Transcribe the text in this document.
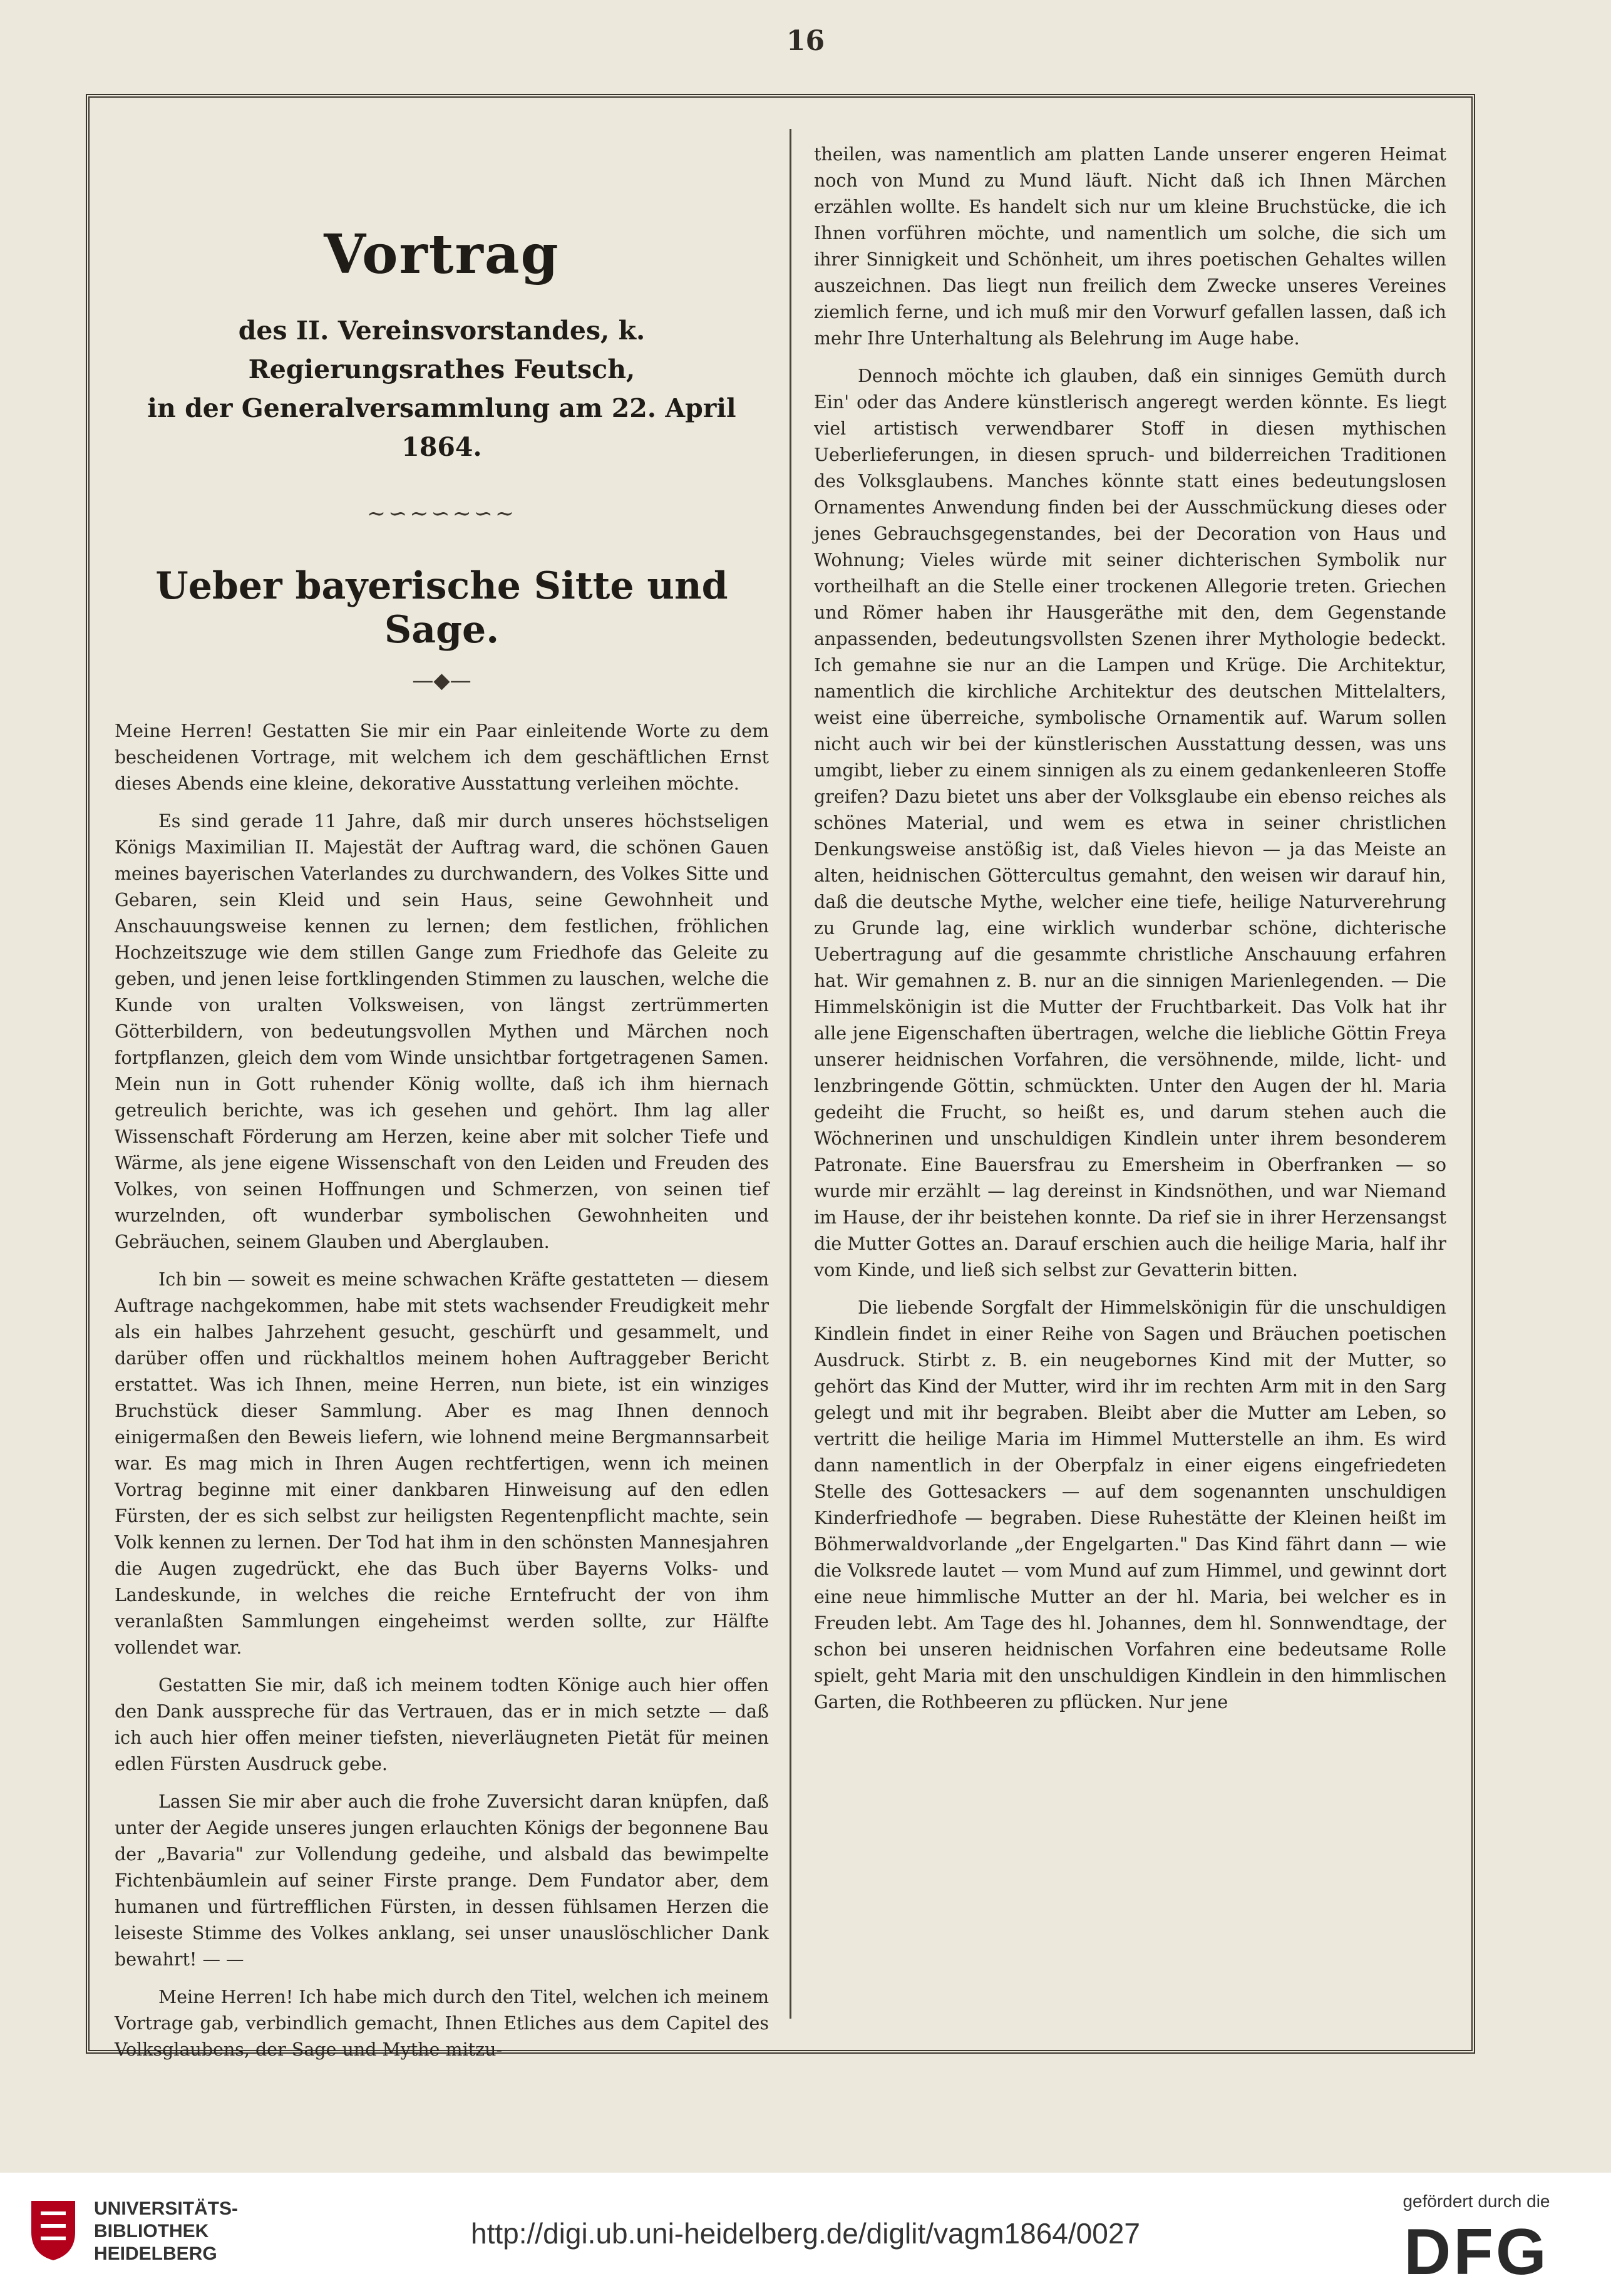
16
Vortrag
des II. Vereinsvorstandes, k. Regierungsrathes Feutsch,
in der Generalversammlung am 22. April 1864.
∼∽∼∽∼∽∼
Ueber bayerische Sitte und Sage.
—◆—

Meine Herren! Gestatten Sie mir ein Paar einleitende Worte zu dem bescheidenen Vortrage, mit welchem ich dem geschäftlichen Ernst dieses Abends eine kleine, dekorative Ausstattung verleihen möchte.

Es sind gerade 11 Jahre, daß mir durch unseres höchstseligen Königs Maximilian II. Majestät der Auftrag ward, die schönen Gauen meines bayerischen Vaterlandes zu durchwandern, des Volkes Sitte und Gebaren, sein Kleid und sein Haus, seine Gewohnheit und Anschauungsweise kennen zu lernen; dem festlichen, fröhlichen Hochzeitszuge wie dem stillen Gange zum Friedhofe das Geleite zu geben, und jenen leise fortklingenden Stimmen zu lauschen, welche die Kunde von uralten Volksweisen, von längst zertrümmerten Götterbildern, von bedeutungsvollen Mythen und Märchen noch fortpflanzen, gleich dem vom Winde unsichtbar fortgetragenen Samen. Mein nun in Gott ruhender König wollte, daß ich ihm hiernach getreulich berichte, was ich gesehen und gehört. Ihm lag aller Wissenschaft Förderung am Herzen, keine aber mit solcher Tiefe und Wärme, als jene eigene Wissenschaft von den Leiden und Freuden des Volkes, von seinen Hoffnungen und Schmerzen, von seinen tief wurzelnden, oft wunderbar symbolischen Gewohnheiten und Gebräuchen, seinem Glauben und Aberglauben.

Ich bin — soweit es meine schwachen Kräfte gestatteten — diesem Auftrage nachgekommen, habe mit stets wachsender Freudigkeit mehr als ein halbes Jahrzehent gesucht, geschürft und gesammelt, und darüber offen und rückhaltlos meinem hohen Auftraggeber Bericht erstattet. Was ich Ihnen, meine Herren, nun biete, ist ein winziges Bruchstück dieser Sammlung. Aber es mag Ihnen dennoch einigermaßen den Beweis liefern, wie lohnend meine Bergmannsarbeit war. Es mag mich in Ihren Augen rechtfertigen, wenn ich meinen Vortrag beginne mit einer dankbaren Hinweisung auf den edlen Fürsten, der es sich selbst zur heiligsten Regentenpflicht machte, sein Volk kennen zu lernen. Der Tod hat ihm in den schönsten Mannesjahren die Augen zugedrückt, ehe das Buch über Bayerns Volks- und Landeskunde, in welches die reiche Erntefrucht der von ihm veranlaßten Sammlungen eingeheimst werden sollte, zur Hälfte vollendet war.

Gestatten Sie mir, daß ich meinem todten Könige auch hier offen den Dank ausspreche für das Vertrauen, das er in mich setzte — daß ich auch hier offen meiner tiefsten, nieverläugneten Pietät für meinen edlen Fürsten Ausdruck gebe.

Lassen Sie mir aber auch die frohe Zuversicht daran knüpfen, daß unter der Aegide unseres jungen erlauchten Königs der begonnene Bau der „Bavaria" zur Vollendung gedeihe, und alsbald das bewimpelte Fichtenbäumlein auf seiner Firste prange. Dem Fundator aber, dem humanen und fürtrefflichen Fürsten, in dessen fühlsamen Herzen die leiseste Stimme des Volkes anklang, sei unser unauslöschlicher Dank bewahrt! — —

Meine Herren! Ich habe mich durch den Titel, welchen ich meinem Vortrage gab, verbindlich gemacht, Ihnen Etliches aus dem Capitel des Volksglaubens, der Sage und Mythe mitzu-

theilen, was namentlich am platten Lande unserer engeren Heimat noch von Mund zu Mund läuft. Nicht daß ich Ihnen Märchen erzählen wollte. Es handelt sich nur um kleine Bruchstücke, die ich Ihnen vorführen möchte, und namentlich um solche, die sich um ihrer Sinnigkeit und Schönheit, um ihres poetischen Gehaltes willen auszeichnen. Das liegt nun freilich dem Zwecke unseres Vereines ziemlich ferne, und ich muß mir den Vorwurf gefallen lassen, daß ich mehr Ihre Unterhaltung als Belehrung im Auge habe.

Dennoch möchte ich glauben, daß ein sinniges Gemüth durch Ein' oder das Andere künstlerisch angeregt werden könnte. Es liegt viel artistisch verwendbarer Stoff in diesen mythischen Ueberlieferungen, in diesen spruch- und bilderreichen Traditionen des Volksglaubens. Manches könnte statt eines bedeutungslosen Ornamentes Anwendung finden bei der Ausschmückung dieses oder jenes Gebrauchsgegenstandes, bei der Decoration von Haus und Wohnung; Vieles würde mit seiner dichterischen Symbolik nur vortheilhaft an die Stelle einer trockenen Allegorie treten. Griechen und Römer haben ihr Hausgeräthe mit den, dem Gegenstande anpassenden, bedeutungsvollsten Szenen ihrer Mythologie bedeckt. Ich gemahne sie nur an die Lampen und Krüge. Die Architektur, namentlich die kirchliche Architektur des deutschen Mittelalters, weist eine überreiche, symbolische Ornamentik auf. Warum sollen nicht auch wir bei der künstlerischen Ausstattung dessen, was uns umgibt, lieber zu einem sinnigen als zu einem gedankenleeren Stoffe greifen? Dazu bietet uns aber der Volksglaube ein ebenso reiches als schönes Material, und wem es etwa in seiner christlichen Denkungsweise anstößig ist, daß Vieles hievon — ja das Meiste an alten, heidnischen Göttercultus gemahnt, den weisen wir darauf hin, daß die deutsche Mythe, welcher eine tiefe, heilige Naturverehrung zu Grunde lag, eine wirklich wunderbar schöne, dichterische Uebertragung auf die gesammte christliche Anschauung erfahren hat. Wir gemahnen z. B. nur an die sinnigen Marienlegenden. — Die Himmelskönigin ist die Mutter der Fruchtbarkeit. Das Volk hat ihr alle jene Eigenschaften übertragen, welche die liebliche Göttin Freya unserer heidnischen Vorfahren, die versöhnende, milde, licht- und lenzbringende Göttin, schmückten. Unter den Augen der hl. Maria gedeiht die Frucht, so heißt es, und darum stehen auch die Wöchnerinen und unschuldigen Kindlein unter ihrem besonderem Patronate. Eine Bauersfrau zu Emersheim in Oberfranken — so wurde mir erzählt — lag dereinst in Kindsnöthen, und war Niemand im Hause, der ihr beistehen konnte. Da rief sie in ihrer Herzensangst die Mutter Gottes an. Darauf erschien auch die heilige Maria, half ihr vom Kinde, und ließ sich selbst zur Gevatterin bitten.

Die liebende Sorgfalt der Himmelskönigin für die unschuldigen Kindlein findet in einer Reihe von Sagen und Bräuchen poetischen Ausdruck. Stirbt z. B. ein neugebornes Kind mit der Mutter, so gehört das Kind der Mutter, wird ihr im rechten Arm mit in den Sarg gelegt und mit ihr begraben. Bleibt aber die Mutter am Leben, so vertritt die heilige Maria im Himmel Mutterstelle an ihm. Es wird dann namentlich in der Oberpfalz in einer eigens eingefriedeten Stelle des Gottesackers — auf dem sogenannten unschuldigen Kinderfriedhofe — begraben. Diese Ruhestätte der Kleinen heißt im Böhmerwaldvorlande „der Engelgarten." Das Kind fährt dann — wie die Volksrede lautet — vom Mund auf zum Himmel, und gewinnt dort eine neue himmlische Mutter an der hl. Maria, bei welcher es in Freuden lebt. Am Tage des hl. Johannes, dem hl. Sonnwendtage, der schon bei unseren heidnischen Vorfahren eine bedeutsame Rolle spielt, geht Maria mit den unschuldigen Kindlein in den himmlischen Garten, die Rothbeeren zu pflücken. Nur jene

UNIVERSITÄTS-
BIBLIOTHEK
HEIDELBERG
http://digi.ub.uni-heidelberg.de/diglit/vagm1864/0027
gefördert durch die
DFG
